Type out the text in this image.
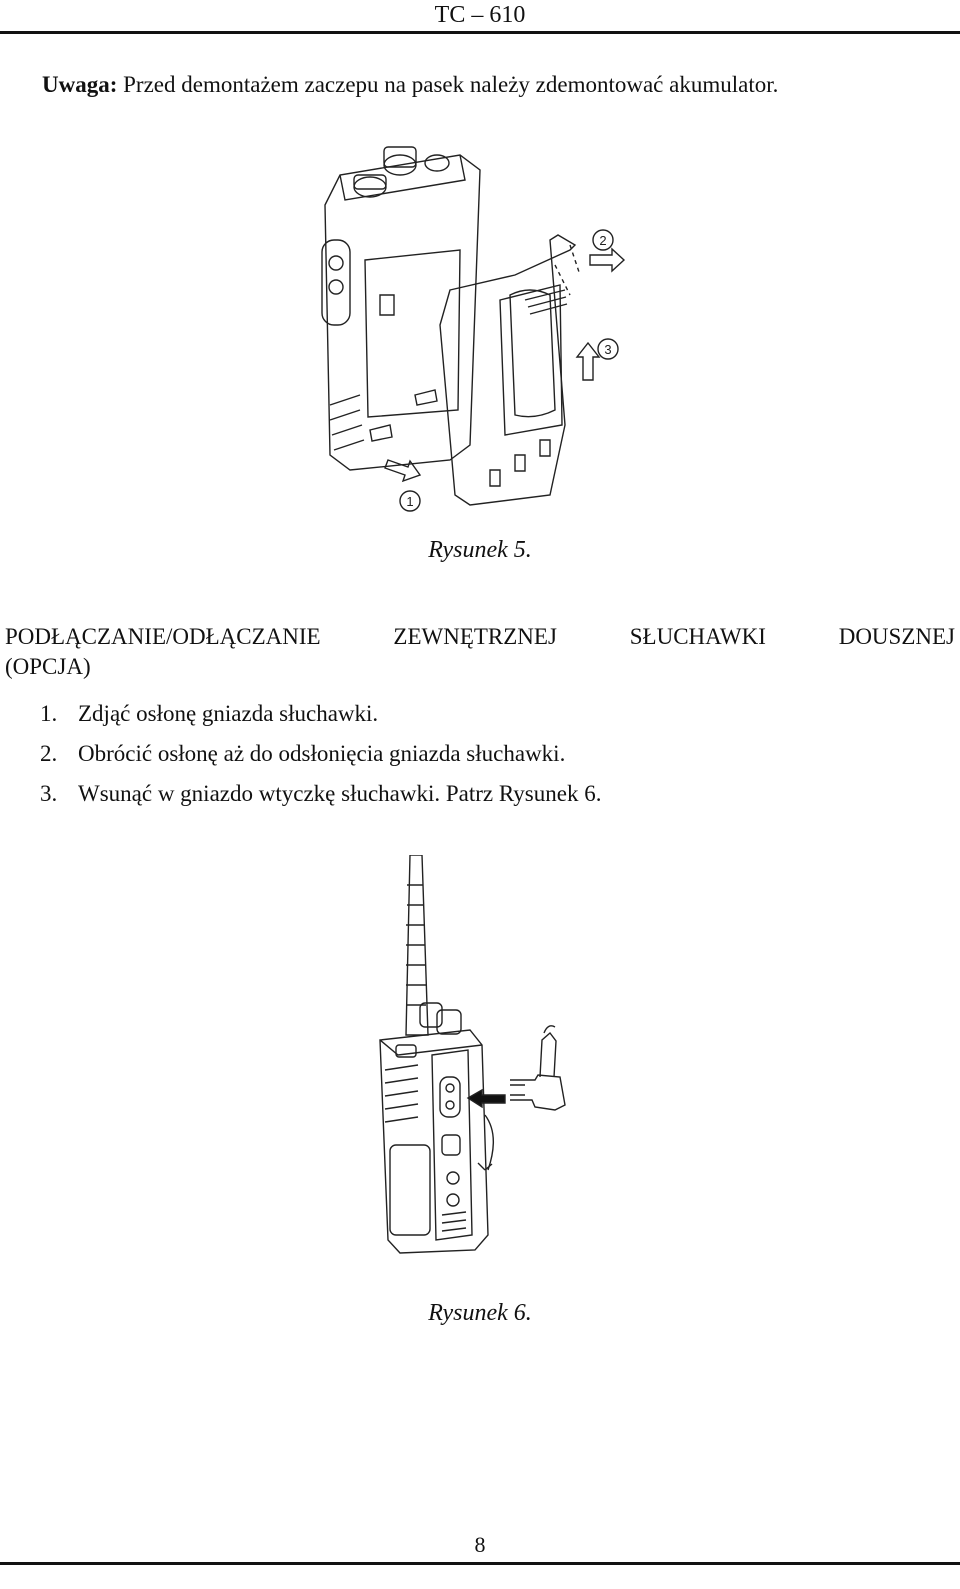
TC – 610
Uwaga: Przed demontażem zaczepu na pasek należy zdemontować akumulator.
1
2
3
Rysunek 5.
PODŁĄCZANIE/ODŁĄCZANIE ZEWNĘTRZNEJ SŁUCHAWKI DOUSZNEJ
(OPCJA)
1. Zdjąć osłonę gniazda słuchawki.
2. Obrócić osłonę aż do odsłonięcia gniazda słuchawki.
3. Wsunąć w gniazdo wtyczkę słuchawki. Patrz Rysunek 6.
Rysunek 6.
8
